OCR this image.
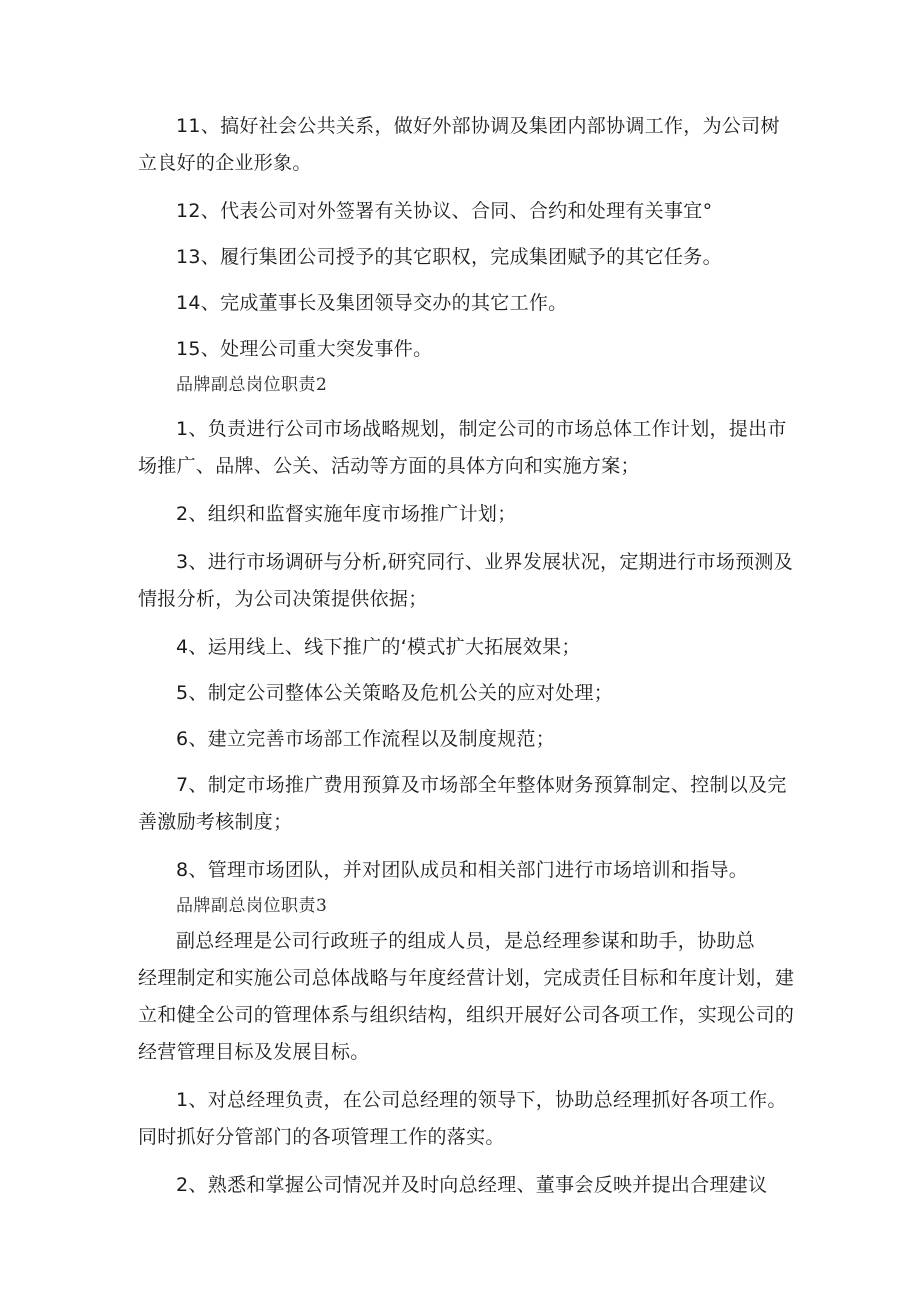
11、搞好社会公共关系，做好外部协调及集团内部协调工作，为公司树立良好的企业形象。

12、代表公司对外签署有关协议、合同、合约和处理有关事宜°

13、履行集团公司授予的其它职权，完成集团赋予的其它任务。

14、完成董事长及集团领导交办的其它工作。

15、处理公司重大突发事件。

品牌副总岗位职责2

1、负责进行公司市场战略规划，制定公司的市场总体工作计划，提出市场推广、品牌、公关、活动等方面的具体方向和实施方案；

2、组织和监督实施年度市场推广计划；

3、进行市场调研与分析,研究同行、业界发展状况，定期进行市场预测及情报分析，为公司决策提供依据；

4、运用线上、线下推广的‘模式扩大拓展效果；

5、制定公司整体公关策略及危机公关的应对处理；

6、建立完善市场部工作流程以及制度规范；

7、制定市场推广费用预算及市场部全年整体财务预算制定、控制以及完善激励考核制度；

8、管理市场团队，并对团队成员和相关部门进行市场培训和指导。

品牌副总岗位职责3

副总经理是公司行政班子的组成人员，是总经理参谋和助手，协助总
经理制定和实施公司总体战略与年度经营计划，完成责任目标和年度计划，建立和健全公司的管理体系与组织结构，组织开展好公司各项工作，实现公司的经营管理目标及发展目标。

1、对总经理负责，在公司总经理的领导下，协助总经理抓好各项工作。同时抓好分管部门的各项管理工作的落实。

2、熟悉和掌握公司情况并及时向总经理、董事会反映并提出合理建议
